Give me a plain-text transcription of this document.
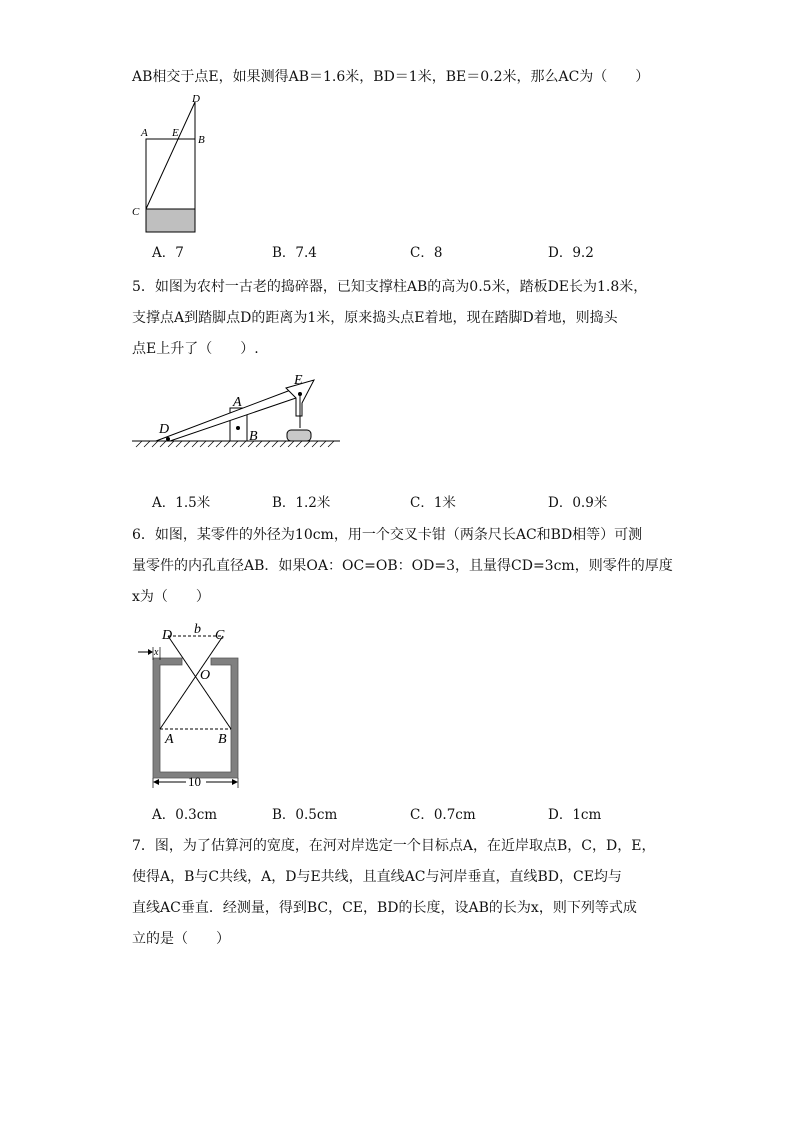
AB相交于点E，如果测得AB＝1.6米，BD＝1米，BE＝0.2米，那么AC为（　　）
D
A E
B
C
A．7	B．7.4	C．8	D．9.2
5．如图为农村一古老的捣碎器，已知支撑柱AB的高为0.5米，踏板DE长为1.8米，
支撑点A到踏脚点D的距离为1米，原来捣头点E着地，现在踏脚D着地，则捣头
点E上升了（　　）.
A
B
D
E
A．1.5米	B．1.2米	C．1米	D．0.9米
6．如图，某零件的外径为10cm，用一个交叉卡钳（两条尺长AC和BD相等）可测
量零件的内孔直径AB．如果OA：OC=OB：OD=3，且量得CD=3cm，则零件的厚度
x为（　　）
D b C
O
x
A	B
10
A．0.3cm	B．0.5cm	C．0.7cm	D．1cm
7．图，为了估算河的宽度，在河对岸选定一个目标点A，在近岸取点B，C，D，E，
使得A，B与C共线，A，D与E共线，且直线AC与河岸垂直，直线BD，CE均与
直线AC垂直．经测量，得到BC，CE，BD的长度，设AB的长为x，则下列等式成
立的是（　　）
